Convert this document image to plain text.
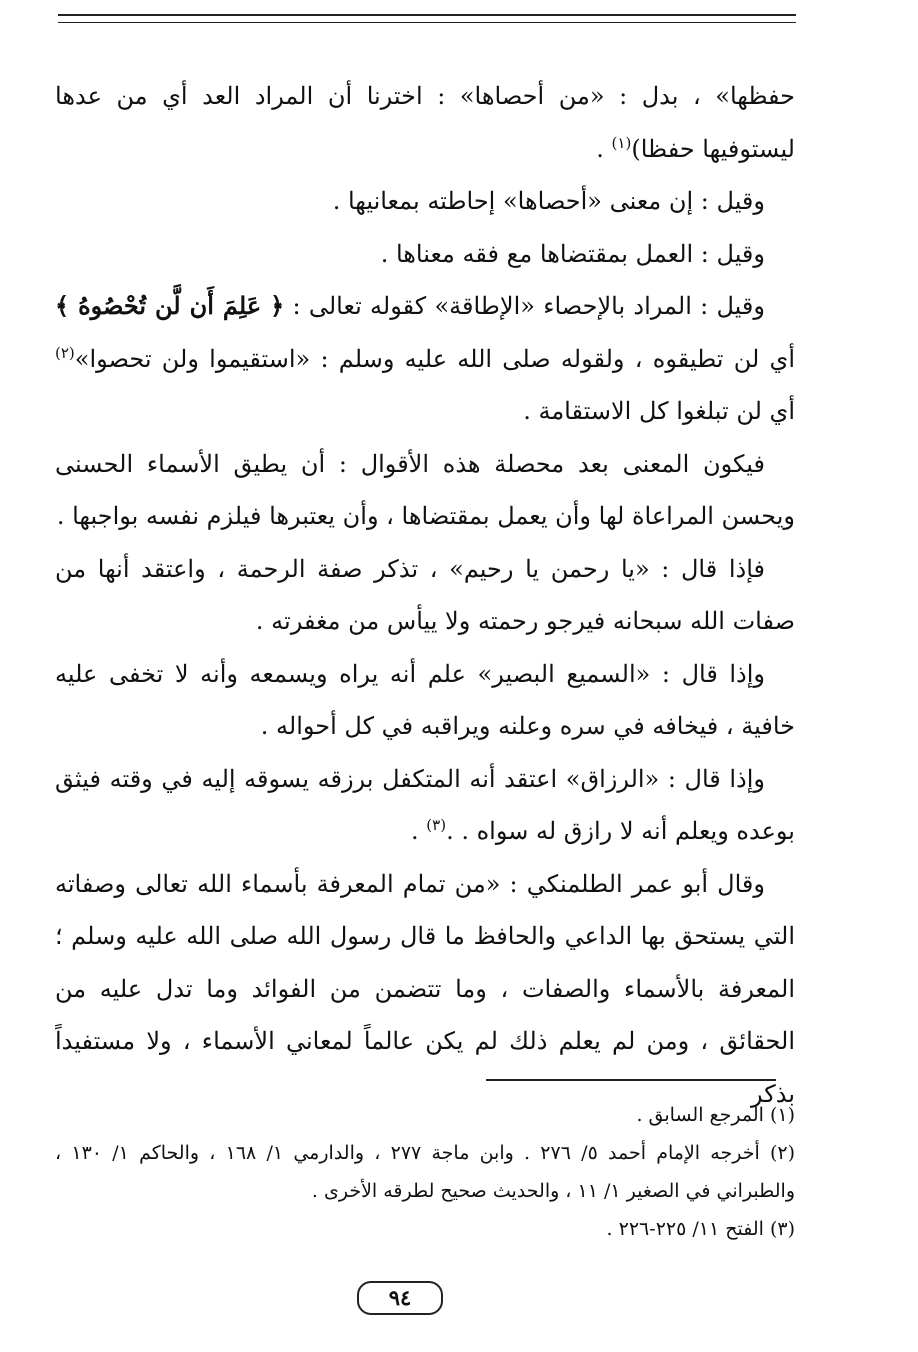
حفظها» ، بدل : «من أحصاها» : اخترنا أن المراد العد أي من عدها ليستوفيها حفظا)$^{(١)}$ .

وقيل : إن معنى «أحصاها» إحاطته بمعانيها .

وقيل : العمل بمقتضاها مع فقه معناها .

وقيل : المراد بالإحصاء «الإطاقة» كقوله تعالى : ﴿ عَلِمَ أَن لَّن تُحْصُوهُ ﴾ أي لن تطيقوه ، ولقوله صلى الله عليه وسلم : «استقيموا ولن تحصوا»$^{(٢)}$ أي لن تبلغوا كل الاستقامة .

فيكون المعنى بعد محصلة هذه الأقوال : أن يطيق الأسماء الحسنى ويحسن المراعاة لها وأن يعمل بمقتضاها ، وأن يعتبرها فيلزم نفسه بواجبها .

فإذا قال : «يا رحمن يا رحيم» ، تذكر صفة الرحمة ، واعتقد أنها من صفات الله سبحانه فيرجو رحمته ولا ييأس من مغفرته .

وإذا قال : «السميع البصير» علم أنه يراه ويسمعه وأنه لا تخفى عليه خافية ، فيخافه في سره وعلنه ويراقبه في كل أحواله .

وإذا قال : «الرزاق» اعتقد أنه المتكفل برزقه يسوقه إليه في وقته فيثق بوعده ويعلم أنه لا رازق له سواه . .$^{(٣)}$ .

وقال أبو عمر الطلمنكي : «من تمام المعرفة بأسماء الله تعالى وصفاته التي يستحق بها الداعي والحافظ ما قال رسول الله صلى الله عليه وسلم ؛ المعرفة بالأسماء والصفات ، وما تتضمن من الفوائد وما تدل عليه من الحقائق ، ومن لم يعلم ذلك لم يكن عالماً لمعاني الأسماء ، ولا مستفيداً بذكر

(١) المرجع السابق .

(٢) أخرجه الإمام أحمد ٥/ ٢٧٦ . وابن ماجة ٢٧٧ ، والدارمي ١/ ١٦٨ ، والحاكم ١/ ١٣٠ ، والطبراني في الصغير ١/ ١١ ، والحديث صحيح لطرقه الأخرى .

(٣) الفتح ١١/ ٢٢٥-٢٢٦ .

٩٤
